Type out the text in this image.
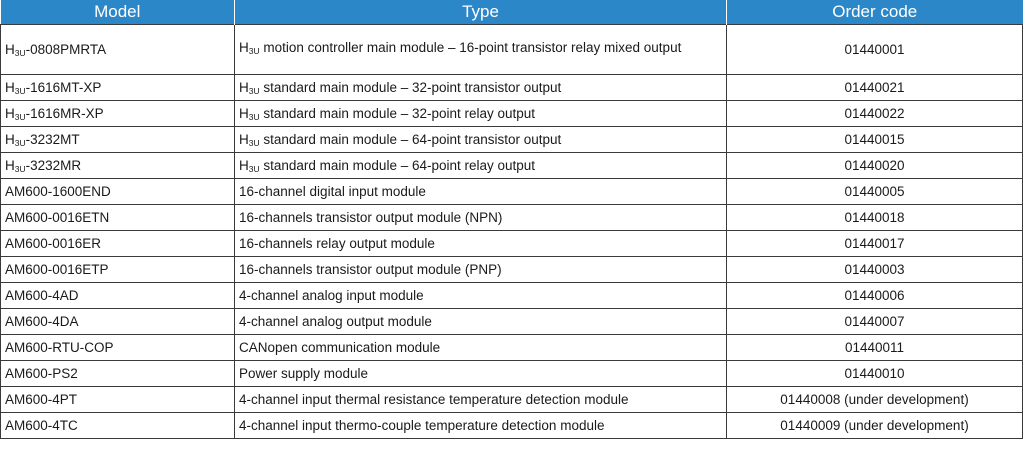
Model	Type	Order code
$H_{3U}-0808PMRTA$	$H_{3U}$ motion controller main module – 16-point transistor relay mixed output	01440001
$H_{3U}-1616MT-XP$	$H_{3U}$ standard main module – 32-point transistor output	01440021
$H_{3U}-1616MR-XP$	$H_{3U}$ standard main module – 32-point relay output	01440022
$H_{3U}-3232MT$	$H_{3U}$ standard main module – 64-point transistor output	01440015
$H_{3U}-3232MR$	$H_{3U}$ standard main module – 64-point relay output	01440020
AM600-1600END	16-channel digital input module	01440005
AM600-0016ETN	16-channels transistor output module (NPN)	01440018
AM600-0016ER	16-channels relay output module	01440017
AM600-0016ETP	16-channels transistor output module (PNP)	01440003
AM600-4AD	4-channel analog input module	01440006
AM600-4DA	4-channel analog output module	01440007
AM600-RTU-COP	CANopen communication module	01440011
AM600-PS2	Power supply module	01440010
AM600-4PT	4-channel input thermal resistance temperature detection module	01440008 (under development)
AM600-4TC	4-channel input thermo-couple temperature detection module	01440009 (under development)
